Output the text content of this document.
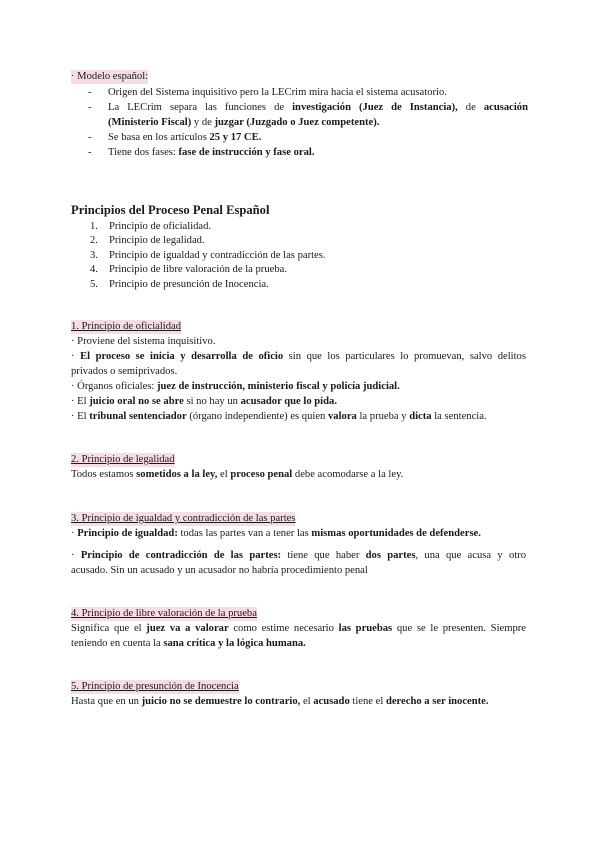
· Modelo español:
-	Origen del Sistema inquisitivo pero la LECrim mira hacia el sistema acusatorio.
-	La LECrim separa las funciones de investigación (Juez de Instancia), de acusación
(Ministerio Fiscal) y de juzgar (Juzgado o Juez competente).
-	Se basa en los artículos 25 y 17 CE.
-	Tiene dos fases: fase de instrucción y fase oral.
Principios del Proceso Penal Español
1.	Principio de oficialidad.
2.	Principio de legalidad.
3.	Principio de igualdad y contradicción de las partes.
4.	Principio de libre valoración de la prueba.
5.	Principio de presunción de Inocencia.
1. Principio de oficialidad
· Proviene del sistema inquisitivo.
· El proceso se inicia y desarrolla de oficio sin que los particulares lo promuevan, salvo delitos
privados o semiprivados.
· Órganos oficiales: juez de instrucción, ministerio fiscal y policía judicial.
· El juicio oral no se abre si no hay un acusador que lo pida.
· El tribunal sentenciador (órgano independiente) es quien valora la prueba y dicta la sentencia.
2. Principio de legalidad
Todos estamos sometidos a la ley, el proceso penal debe acomodarse a la ley.
3. Principio de igualdad y contradicción de las partes
· Principio de igualdad: todas las partes van a tener las mismas oportunidades de defenderse.
· Principio de contradicción de las partes: tiene que haber dos partes, una que acusa y otro
acusado. Sin un acusado y un acusador no habría procedimiento penal
4. Principio de libre valoración de la prueba
Significa que el juez va a valorar como estime necesario las pruebas que se le presenten. Siempre
teniendo en cuenta la sana crítica y la lógica humana.
5. Principio de presunción de Inocencia
Hasta que en un juicio no se demuestre lo contrario, el acusado tiene el derecho a ser inocente.
